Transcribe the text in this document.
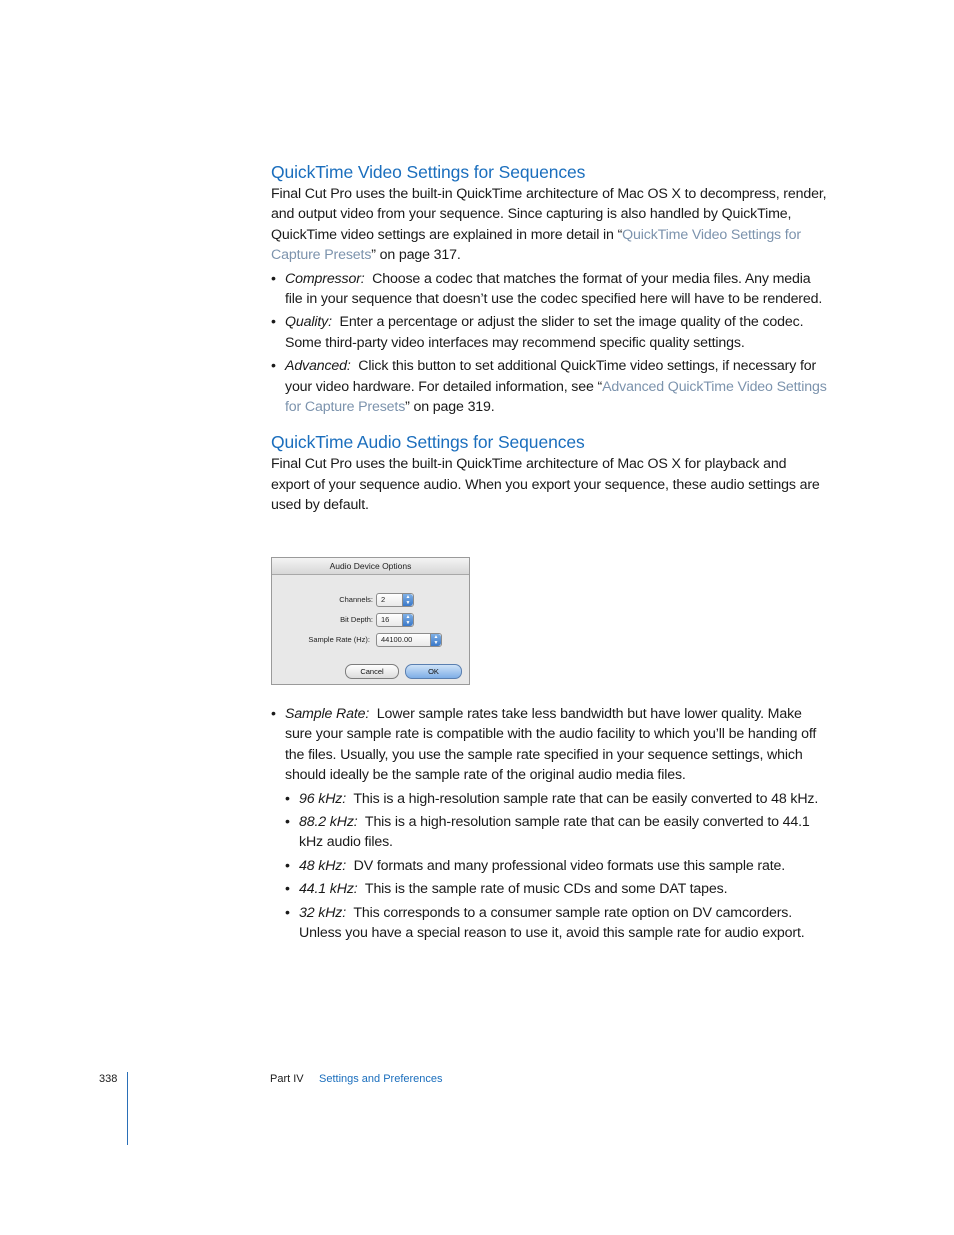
QuickTime Video Settings for Sequences

Final Cut Pro uses the built-in QuickTime architecture of Mac OS X to decompress, render, and output video from your sequence. Since capturing is also handled by QuickTime, QuickTime video settings are explained in more detail in “QuickTime Video Settings for Capture Presets” on page 317.

• Compressor: Choose a codec that matches the format of your media files. Any media file in your sequence that doesn’t use the codec specified here will have to be rendered.
• Quality: Enter a percentage or adjust the slider to set the image quality of the codec. Some third-party video interfaces may recommend specific quality settings.
• Advanced: Click this button to set additional QuickTime video settings, if necessary for your video hardware. For detailed information, see “Advanced QuickTime Video Settings for Capture Presets” on page 319.
QuickTime Audio Settings for Sequences

Final Cut Pro uses the built-in QuickTime architecture of Mac OS X for playback and export of your sequence audio. When you export your sequence, these audio settings are used by default.

Audio Device Options
Channels:	2	▲
▼
Bit Depth:	16	▲
▼
Sample Rate (Hz):	44100.00	▲
▼
Cancel	OK
• Sample Rate: Lower sample rates take less bandwidth but have lower quality. Make sure your sample rate is compatible with the audio facility to which you’ll be handing off the files. Usually, you use the sample rate specified in your sequence settings, which should ideally be the sample rate of the original audio media files.
• 96 kHz: This is a high-resolution sample rate that can be easily converted to 48 kHz.
• 88.2 kHz: This is a high-resolution sample rate that can be easily converted to 44.1 kHz audio files.
• 48 kHz: DV formats and many professional video formats use this sample rate.
• 44.1 kHz: This is the sample rate of music CDs and some DAT tapes.
• 32 kHz:  This corresponds to a consumer sample rate option on DV camcorders. Unless you have a special reason to use it, avoid this sample rate for audio export.
338	Part IV Settings and Preferences
